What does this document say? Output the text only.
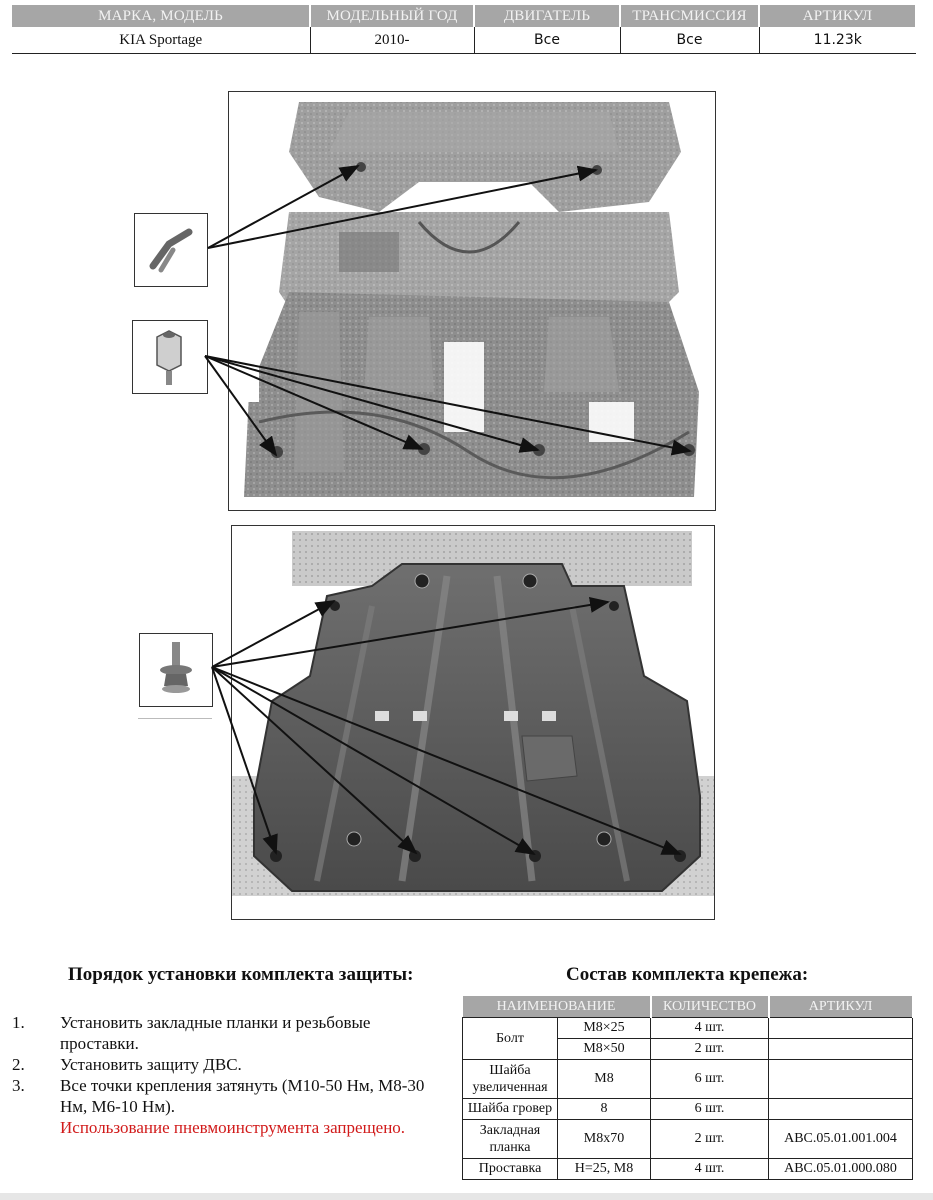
МАРКА, МОДЕЛЬ	МОДЕЛЬНЫЙ ГОД	ДВИГАТЕЛЬ	ТРАНСМИССИЯ	АРТИКУЛ
KIA Sportage	2010-	Все	Все	11.23k
Порядок установки комплекта защиты:	Состав комплекта крепежа:
1. Установить закладные планки и резьбовые проставки.
2. Установить защиту ДВС.
3. Все точки крепления затянуть (М10-50 Нм, М8-30 Нм, М6-10 Нм).
Использование пневмоинструмента запрещено.
НАИМЕНОВАНИЕ		КОЛИЧЕСТВО	АРТИКУЛ
Болт	М8×25	4 шт.	
	М8×50	2 шт.	

Шайба
увеличенная	М8	6 шт.	
Шайба гровер	8	6 шт.	

Закладная
планка	М8х70	2 шт.	АВС.05.01.001.004
Проставка	Н=25, М8	4 шт.	АВС.05.01.000.080
